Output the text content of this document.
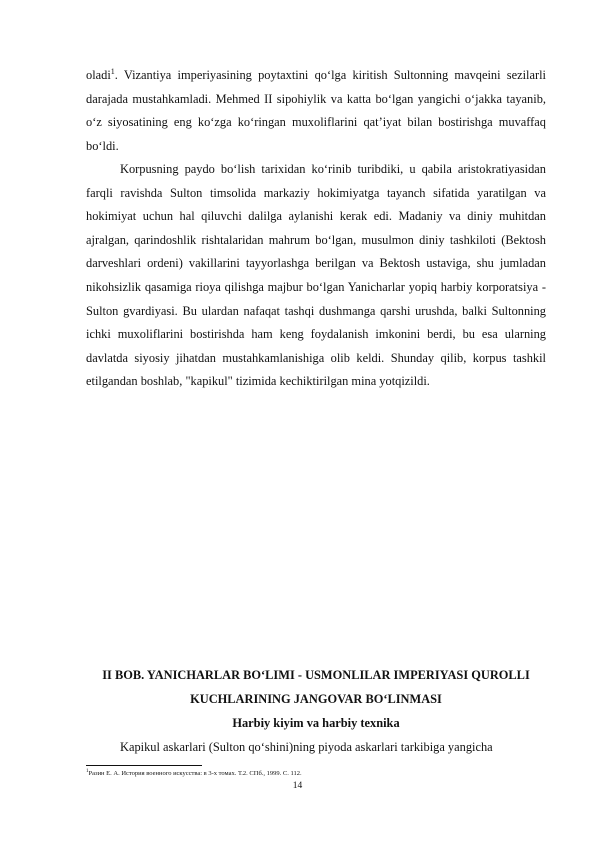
oladi$^1$. Vizantiya imperiyasining poytaxtini qo‘lga kiritish Sultonning mavqeini sezilarli darajada mustahkamladi. Mehmed II sipohiylik va katta bo‘lgan yangichi o‘jakka tayanib, o‘z siyosatining eng ko‘zga ko‘ringan muxoliflarini qat’iyat bilan bostirishga muvaffaq bo‘ldi.
Korpusning paydo bo‘lish tarixidan ko‘rinib turibdiki, u qabila aristokratiyasidan farqli ravishda Sulton timsolida markaziy hokimiyatga tayanch sifatida yaratilgan va hokimiyat uchun hal qiluvchi dalilga aylanishi kerak edi. Madaniy va diniy muhitdan ajralgan, qarindoshlik rishtalaridan mahrum bo‘lgan, musulmon diniy tashkiloti (Bektosh darveshlari ordeni) vakillarini tayyorlashga berilgan va Bektosh ustaviga, shu jumladan nikohsizlik qasamiga rioya qilishga majbur bo‘lgan Yanicharlar yopiq harbiy korporatsiya - Sulton gvardiyasi. Bu ulardan nafaqat tashqi dushmanga qarshi urushda, balki Sultonning ichki muxoliflarini bostirishda ham keng foydalanish imkonini berdi, bu esa ularning davlatda siyosiy jihatdan mustahkamlanishiga olib keldi. Shunday qilib, korpus tashkil etilgandan boshlab, "kapikul" tizimida kechiktirilgan mina yotqizildi.
II BOB. YANICHARLAR BO‘LIMI - USMONLILAR IMPERIYASI QUROLLI KUCHLARINING JANGOVAR BO‘LINMASI
Harbiy kiyim va harbiy texnika
Kapikul askarlari (Sulton qo‘shini)ning piyoda askarlari tarkibiga yangicha
$^1$Разин Е. А. История военного искусства: в 3-х томах. Т.2. СПб., 1999. С. 112.
14
